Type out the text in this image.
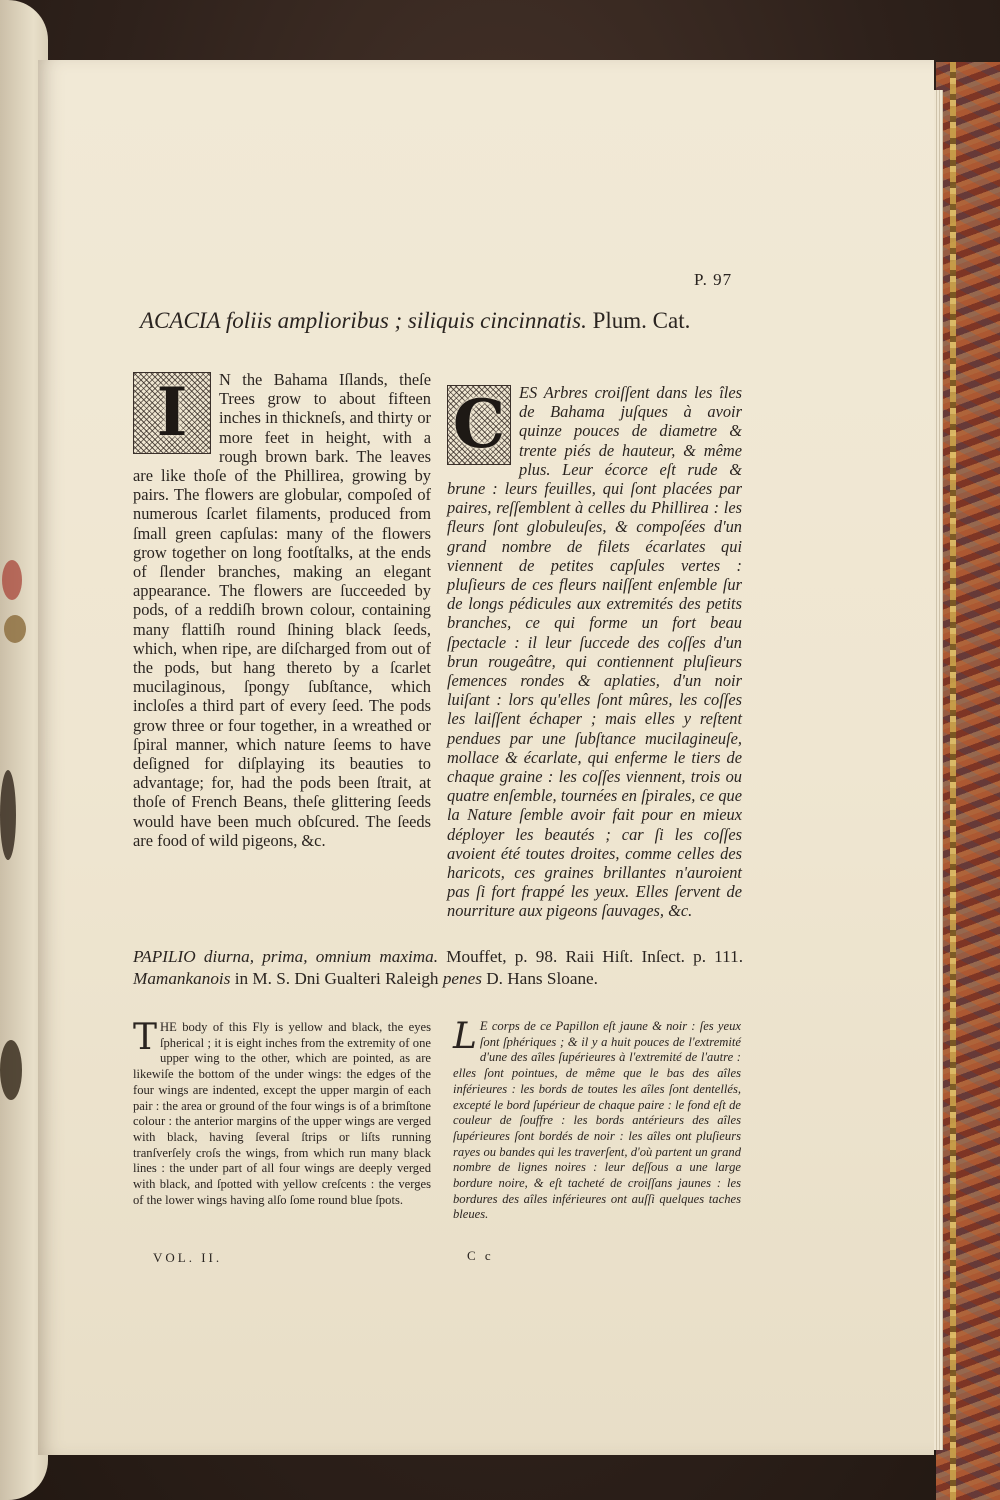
P. 97
ACACIA foliis amplioribus ; siliquis cincinnatis. Plum. Cat.
I	N the Bahama Iſlands, theſe Trees grow to about fifteen inches in thickneſs, and thirty or more feet in height, with a rough brown bark. The leaves are like thoſe of the Phillirea, growing by pairs. The flowers are globular, compoſed of numerous ſcarlet filaments, produced from ſmall green capſulas: many of the flowers grow together on long footſtalks, at the ends of ſlender branches, making an elegant appearance. The flowers are ſucceeded by pods, of a reddiſh brown colour, containing many flattiſh round ſhining black ſeeds, which, when ripe, are diſcharged from out of the pods, but hang thereto by a ſcarlet mucilaginous, ſpongy ſubſtance, which incloſes a third part of every ſeed. The pods grow three or four together, in a wreathed or ſpiral manner, which nature ſeems to have deſigned for diſplaying its beauties to advantage; for, had the pods been ſtrait, at thoſe of French Beans, theſe glittering ſeeds would have been much obſcured. The ſeeds are food of wild pigeons, &c.
C ES Arbres croiſſent dans les îles de Bahama juſques à avoir quinze pouces de diametre & trente piés de hauteur, & même plus. Leur écorce eſt rude & brune : leurs feuilles, qui ſont placées par paires, reſſemblent à celles du Phillirea : les fleurs ſont globuleuſes, & compoſées d'un grand nombre de filets écarlates qui viennent de petites capſules vertes : pluſieurs de ces fleurs naiſſent enſemble ſur de longs pédicules aux extremités des petits branches, ce qui forme un fort beau ſpectacle : il leur ſuccede des coſſes d'un brun rougeâtre, qui contiennent pluſieurs ſemences rondes & aplaties, d'un noir luiſant : lors qu'elles ſont mûres, les coſſes les laiſſent échaper ; mais elles y reſtent pendues par une ſubſtance mucilagineuſe, mollace & écarlate, qui enferme le tiers de chaque graine : les coſſes viennent, trois ou quatre enſemble, tournées en ſpirales, ce que la Nature ſemble avoir fait pour en mieux déployer les beautés ; car ſi les coſſes avoient été toutes droites, comme celles des haricots, ces graines brillantes n'auroient pas ſi fort frappé les yeux. Elles ſervent de nourriture aux pigeons ſauvages, &c.
PAPILIO diurna, prima, omnium maxima. Mouffet, p. 98. Raii Hiſt. Inſect. p. 111. Mamankanois in M. S. Dni Gualteri Raleigh penes D. Hans Sloane.
T HE body of this Fly is yellow and black, the eyes ſpherical ; it is eight inches from the extremity of one upper wing to the other, which are pointed, as are likewiſe the bottom of the under wings: the edges of the four wings are indented, except the upper margin of each pair : the area or ground of the four wings is of a brimſtone colour : the anterior margins of the upper wings are verged with black, having ſeveral ſtrips or liſts running tranſverſely croſs the wings, from which run many black lines : the under part of all four wings are deeply verged with black, and ſpotted with yellow creſcents : the verges of the lower wings having alſo ſome round blue ſpots.
L E corps de ce Papillon eſt jaune & noir : ſes yeux ſont ſphériques ; & il y a huit pouces de l'extremité d'une des aîles ſupérieures à l'extremité de l'autre : elles ſont pointues, de même que le bas des aîles inférieures : les bords de toutes les aîles ſont dentellés, excepté le bord ſupérieur de chaque paire : le fond eſt de couleur de ſouffre : les bords antérieurs des aîles ſupérieures ſont bordés de noir : les aîles ont pluſieurs rayes ou bandes qui les traverſent, d'où partent un grand nombre de lignes noires : leur deſſous a une large bordure noire, & eſt tacheté de croiſſans jaunes : les bordures des aîles inférieures ont auſſi quelques taches bleues.
VOL. II.	C c
